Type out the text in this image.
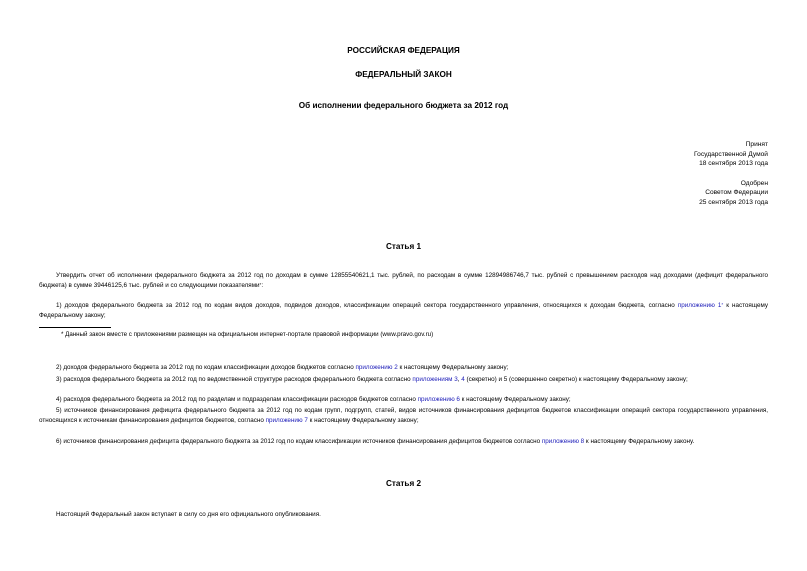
РОССИЙСКАЯ ФЕДЕРАЦИЯ
ФЕДЕРАЛЬНЫЙ ЗАКОН
Об исполнении федерального бюджета за 2012 год
Принят
Государственной Думой
18 сентября 2013 года
Одобрен
Советом Федерации
25 сентября 2013 года
Статья 1
Утвердить отчет об исполнении федерального бюджета за 2012 год по доходам в сумме 12855540621,1 тыс. рублей, по расходам в сумме 12894986746,7 тыс. рублей с превышением расходов над доходами (дефицит федерального бюджета) в сумме 39446125,6 тыс. рублей и со следующими показателями*:
1) доходов федерального бюджета за 2012 год по кодам видов доходов, подвидов доходов, классификации операций сектора государственного управления, относящихся к доходам бюджета, согласно приложению 1* к настоящему Федеральному закону;
* Данный закон вместе с приложениями размещен на официальном интернет-портале правовой информации (www.pravo.gov.ru)
2) доходов федерального бюджета за 2012 год по кодам классификации доходов бюджетов согласно приложению 2 к настоящему Федеральному закону;
3) расходов федерального бюджета за 2012 год по ведомственной структуре расходов федерального бюджета согласно приложениям 3, 4 (секретно) и 5 (совершенно секретно) к настоящему Федеральному закону;
4) расходов федерального бюджета за 2012 год по разделам и подразделам классификации расходов бюджетов согласно приложению 6 к настоящему Федеральному закону;
5) источников финансирования дефицита федерального бюджета за 2012 год по кодам групп, подгрупп, статей, видов источников финансирования дефицитов бюджетов классификации операций сектора государственного управления, относящихся к источникам финансирования дефицитов бюджетов, согласно приложению 7 к настоящему Федеральному закону;
6) источников финансирования дефицита федерального бюджета за 2012 год по кодам классификации источников финансирования дефицитов бюджетов согласно приложению 8 к настоящему Федеральному закону.
Статья 2
Настоящий Федеральный закон вступает в силу со дня его официального опубликования.
